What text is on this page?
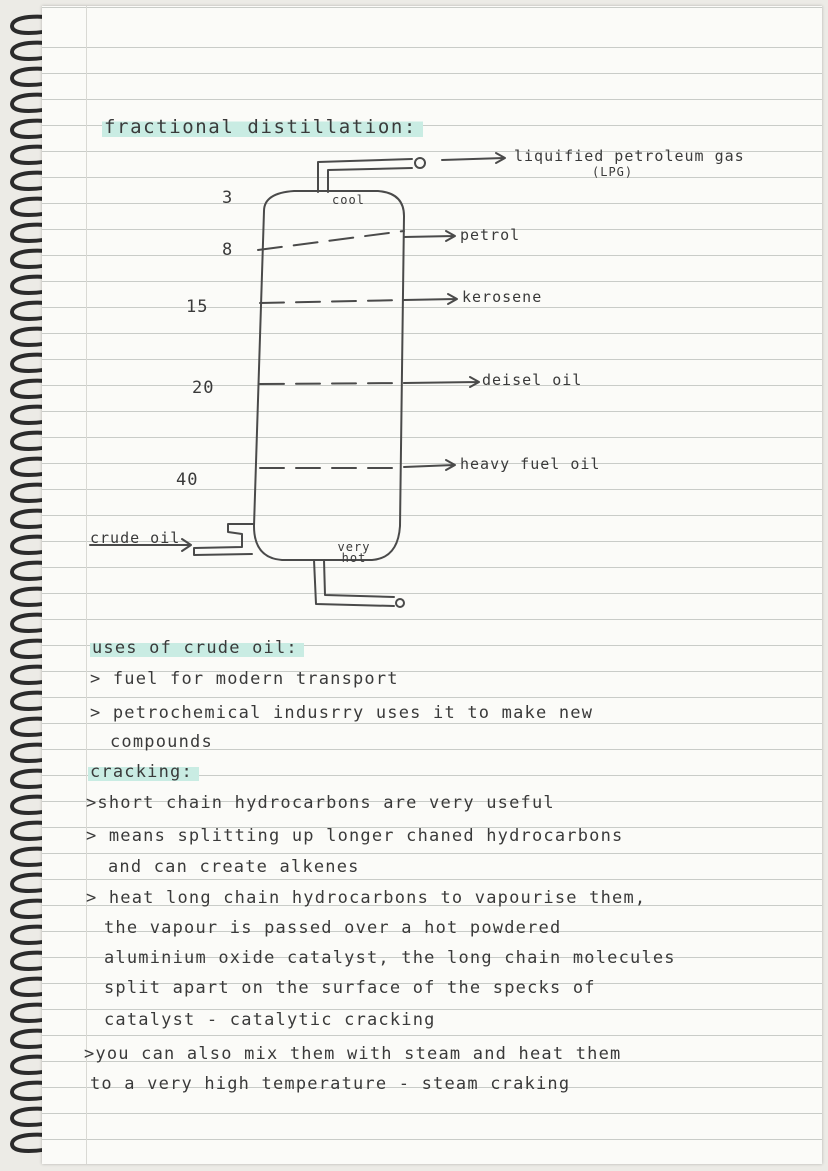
fractional distillation:
cool
very hot
crude oil
3
8
15
20
40
liquified petroleum gas
(LPG)
petrol
kerosene
deisel oil
heavy fuel oil
uses of crude oil:
> fuel for modern transport
> petrochemical indusrry uses it to make new
compounds
cracking:
>short chain hydrocarbons are very useful
> means splitting up longer chaned hydrocarbons
and can create alkenes
> heat long chain hydrocarbons to vapourise them,
the vapour is passed over a hot powdered
aluminium oxide catalyst, the long chain molecules
split apart on the surface of the specks of
catalyst - catalytic cracking
>you can also mix them with steam and heat them
to a very high temperature - steam craking
